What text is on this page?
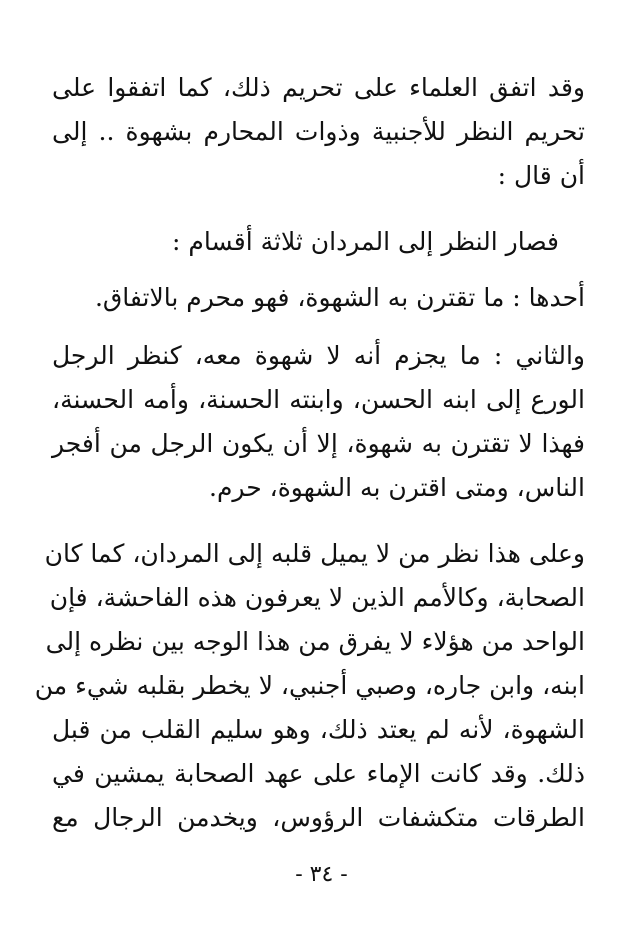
وقد اتفق العلماء على تحريم ذلك، كما اتفقوا على
تحريم النظر للأجنبية وذوات المحارم بشهوة .. إلى
أن قال :
فصار النظر إلى المردان ثلاثة أقسام :
أحدها : ما تقترن به الشهوة، فهو محرم بالاتفاق.
والثاني : ما يجزم أنه لا شهوة معه، كنظر الرجل
الورع إلى ابنه الحسن، وابنته الحسنة، وأمه الحسنة،
فهذا لا تقترن به شهوة، إلا أن يكون الرجل من أفجر
الناس، ومتى اقترن به الشهوة، حرم.
وعلى هذا نظر من لا يميل قلبه إلى المردان، كما كان
الصحابة، وكالأمم الذين لا يعرفون هذه الفاحشة، فإن
الواحد من هؤلاء لا يفرق من هذا الوجه بين نظره إلى
ابنه، وابن جاره، وصبي أجنبي، لا يخطر بقلبه شيء من
الشهوة، لأنه لم يعتد ذلك، وهو سليم القلب من قبل
ذلك. وقد كانت الإماء على عهد الصحابة يمشين في
الطرقات متكشفات الرؤوس، ويخدمن الرجال مع
- ٣٤ -
